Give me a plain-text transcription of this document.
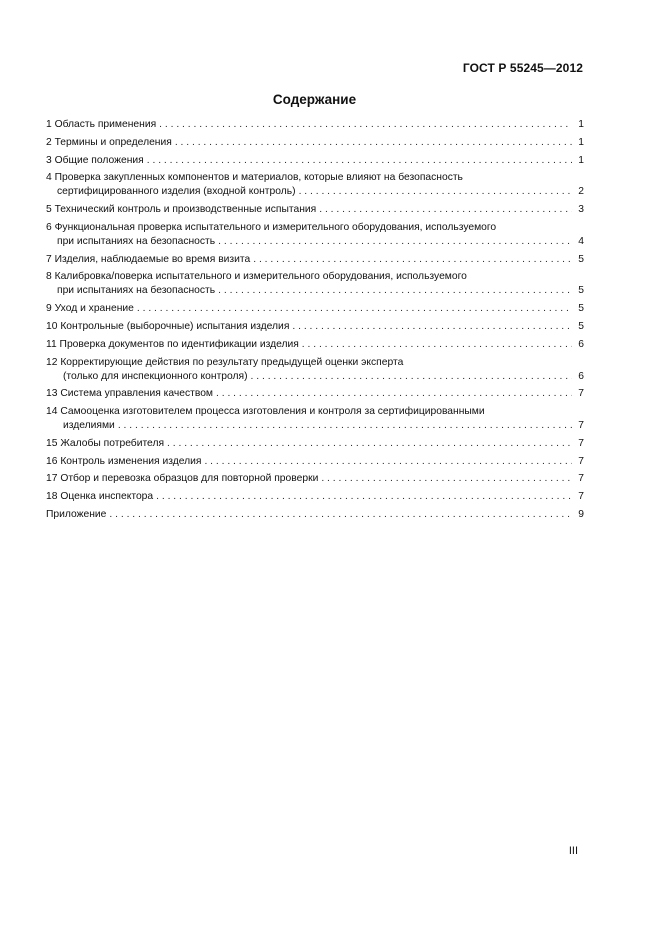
ГОСТ Р 55245—2012
Содержание
1 Область применения . . .	1
2 Термины и определения . . .	1
3 Общие положения . . .	1
4 Проверка закупленных компонентов и материалов, которые влияют на безопасность
сертифицированного изделия (входной контроль) . . .	2
5 Технический контроль и производственные испытания . . .	3
6 Функциональная проверка испытательного и измерительного оборудования, используемого
при испытаниях на безопасность . . .	4
7 Изделия, наблюдаемые во время визита . . .	5
8 Калибровка/поверка испытательного и измерительного оборудования, используемого
при испытаниях на безопасность . . .	5
9 Уход и хранение . . .	5
10 Контрольные (выборочные) испытания изделия . . .	5
11 Проверка документов по идентификации изделия . . .	6
12 Корректирующие действия по результату предыдущей оценки эксперта
(только для инспекционного контроля) . . .	6
13 Система управления качеством . . .	7
14 Самооценка изготовителем процесса изготовления и контроля за сертифицированными
изделиями . . .	7
15 Жалобы потребителя . . .	7
16 Контроль изменения изделия . . .	7
17 Отбор и перевозка образцов для повторной проверки . . .	7
18 Оценка инспектора . . .	7
Приложение . . .	9
III
